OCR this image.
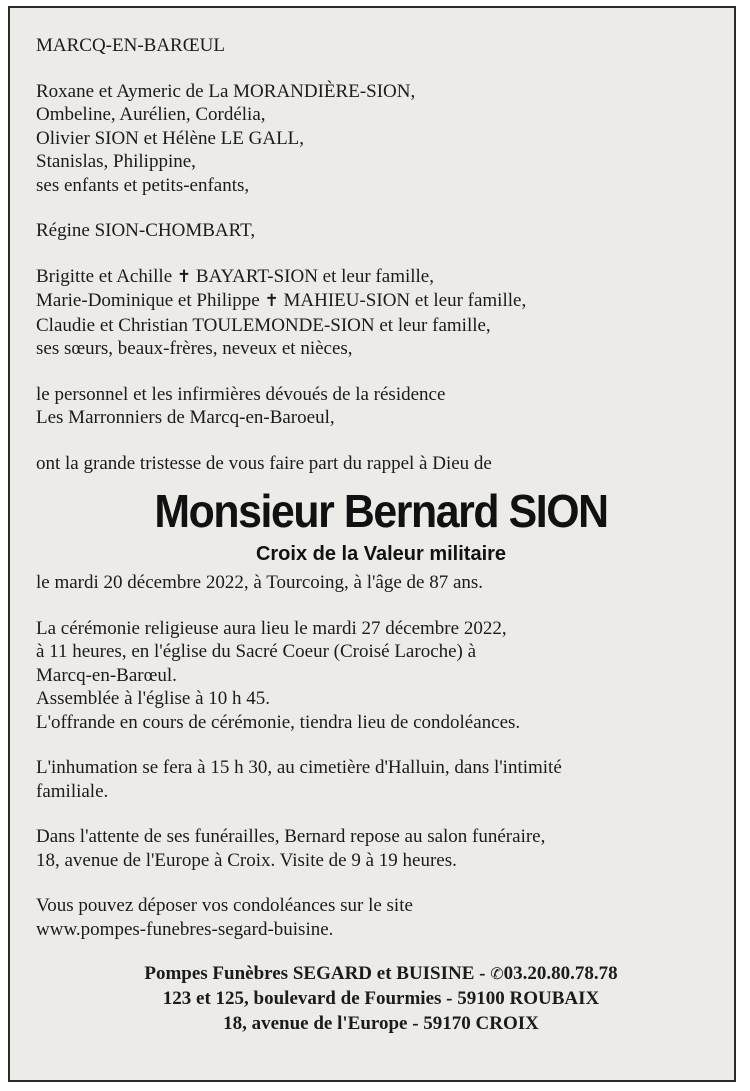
MARCQ-EN-BARŒUL
Roxane et Aymeric de La MORANDIÈRE-SION,
Ombeline, Aurélien, Cordélia,
Olivier SION et Hélène LE GALL,
Stanislas, Philippine,
ses enfants et petits-enfants,
Régine SION-CHOMBART,
Brigitte et Achille ✝ BAYART-SION et leur famille,
Marie-Dominique et Philippe ✝ MAHIEU-SION et leur famille,
Claudie et Christian TOULEMONDE-SION et leur famille,
ses sœurs, beaux-frères, neveux et nièces,
le personnel et les infirmières dévoués de la résidence
Les Marronniers de Marcq-en-Baroeul,
ont la grande tristesse de vous faire part du rappel à Dieu de
Monsieur Bernard SION
Croix de la Valeur militaire
le mardi 20 décembre 2022, à Tourcoing, à l'âge de 87 ans.
La cérémonie religieuse aura lieu le mardi 27 décembre 2022,
à 11 heures, en l'église du Sacré Coeur (Croisé Laroche) à
Marcq-en-Barœul.
Assemblée à l'église à 10 h 45.
L'offrande en cours de cérémonie, tiendra lieu de condoléances.
L'inhumation se fera à 15 h 30, au cimetière d'Halluin, dans l'intimité
familiale.
Dans l'attente de ses funérailles, Bernard repose au salon funéraire,
18, avenue de l'Europe à Croix. Visite de 9 à 19 heures.
Vous pouvez déposer vos condoléances sur le site
www.pompes-funebres-segard-buisine.
Pompes Funèbres SEGARD et BUISINE - ✆03.20.80.78.78
123 et 125, boulevard de Fourmies - 59100 ROUBAIX
18, avenue de l'Europe - 59170 CROIX
